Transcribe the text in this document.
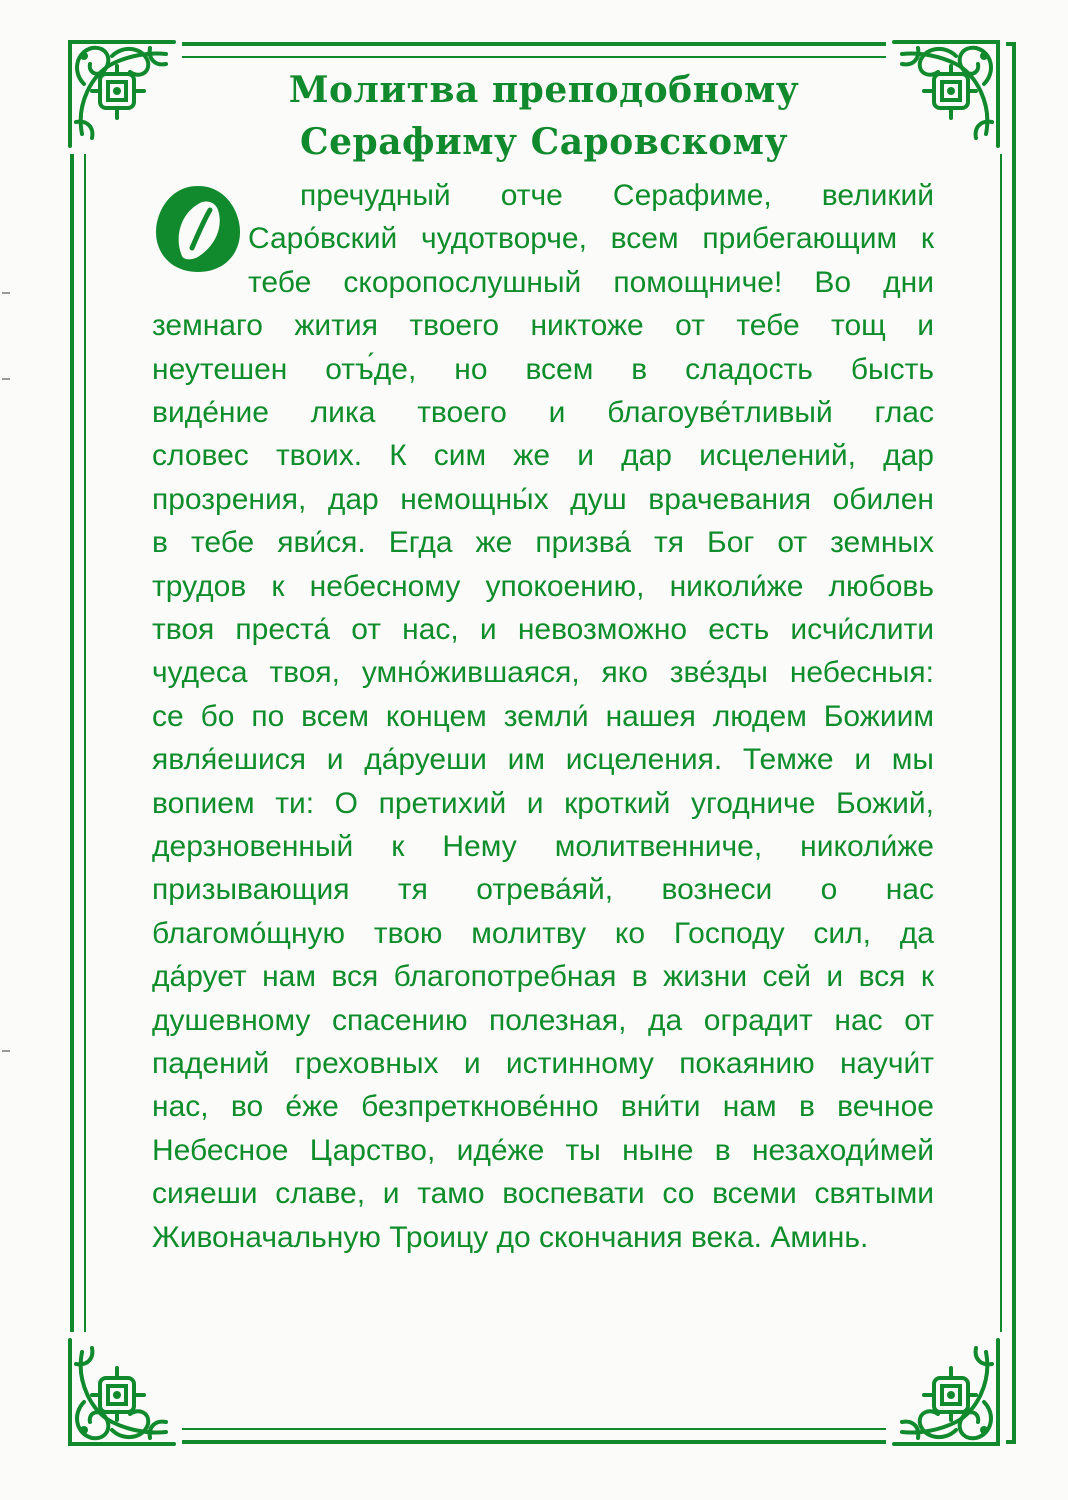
Молитва преподобному
Серафиму Саровскому
пречудный отче Серафиме, великий
Саро́вский чудотворче, всем прибегающим к
тебе скоропослушный помощниче! Во дни
земнаго жития твоего никтоже от тебе тощ и
неутешен отъ́де, но всем в сладость бысть
виде́ние лика твоего и благоуве́тливый глас
словес твоих. К сим же и дар исцелений, дар
прозрения, дар немощны́х душ врачевания обилен
в тебе яви́ся. Егда же призва́ тя Бог от земных
трудов к небесному упокоению, николи́же любовь
твоя преста́ от нас, и невозможно есть исчи́слити
чудеса твоя, умно́жившаяся, яко зве́зды небесныя:
се бо по всем концем земли́ нашея людем Божиим
явля́ешися и да́руеши им исцеления. Темже и мы
вопием ти: О претихий и кроткий угодниче Божий,
дерзновенный к Нему молитвенниче, николи́же
призывающия тя отрева́яй, вознеси о нас
благомо́щную твою молитву ко Господу сил, да
да́рует нам вся благопотребная в жизни сей и вся к
душевному спасению полезная, да оградит нас от
падений греховных и истинному покаянию научи́т
нас, во е́же безпреткнове́нно вни́ти нам в вечное
Небесное Царство, иде́же ты ныне в незаходи́мей
сияеши славе, и тамо воспевати со всеми святыми
Живоначальную Троицу до скончания века. Аминь.
